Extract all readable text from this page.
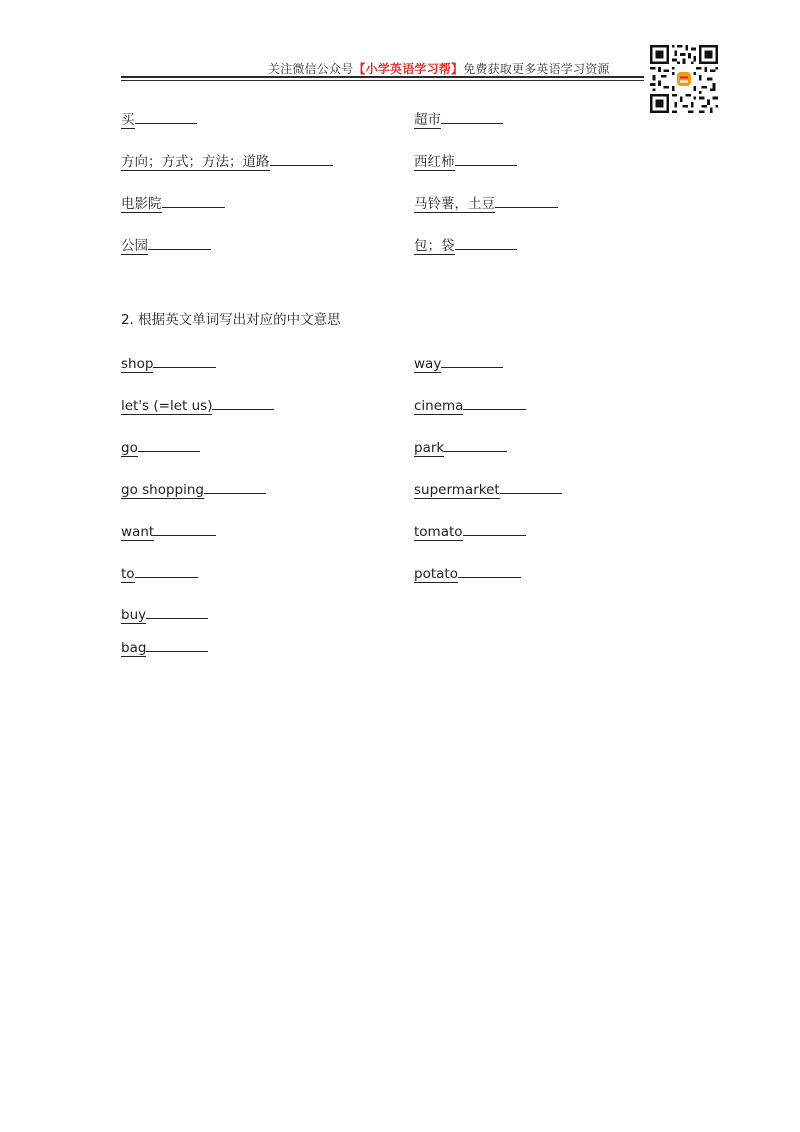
关注微信公众号【小学英语学习帮】免费获取更多英语学习资源
买
方向；方式；方法；道路
电影院
公园
超市
西红柿
马铃薯，土豆
包；袋
2. 根据英文单词写出对应的中文意思
shop
let's (=let us)
go
go shopping
want
to
buy
bag
way
cinema
park
supermarket
tomato
potato
